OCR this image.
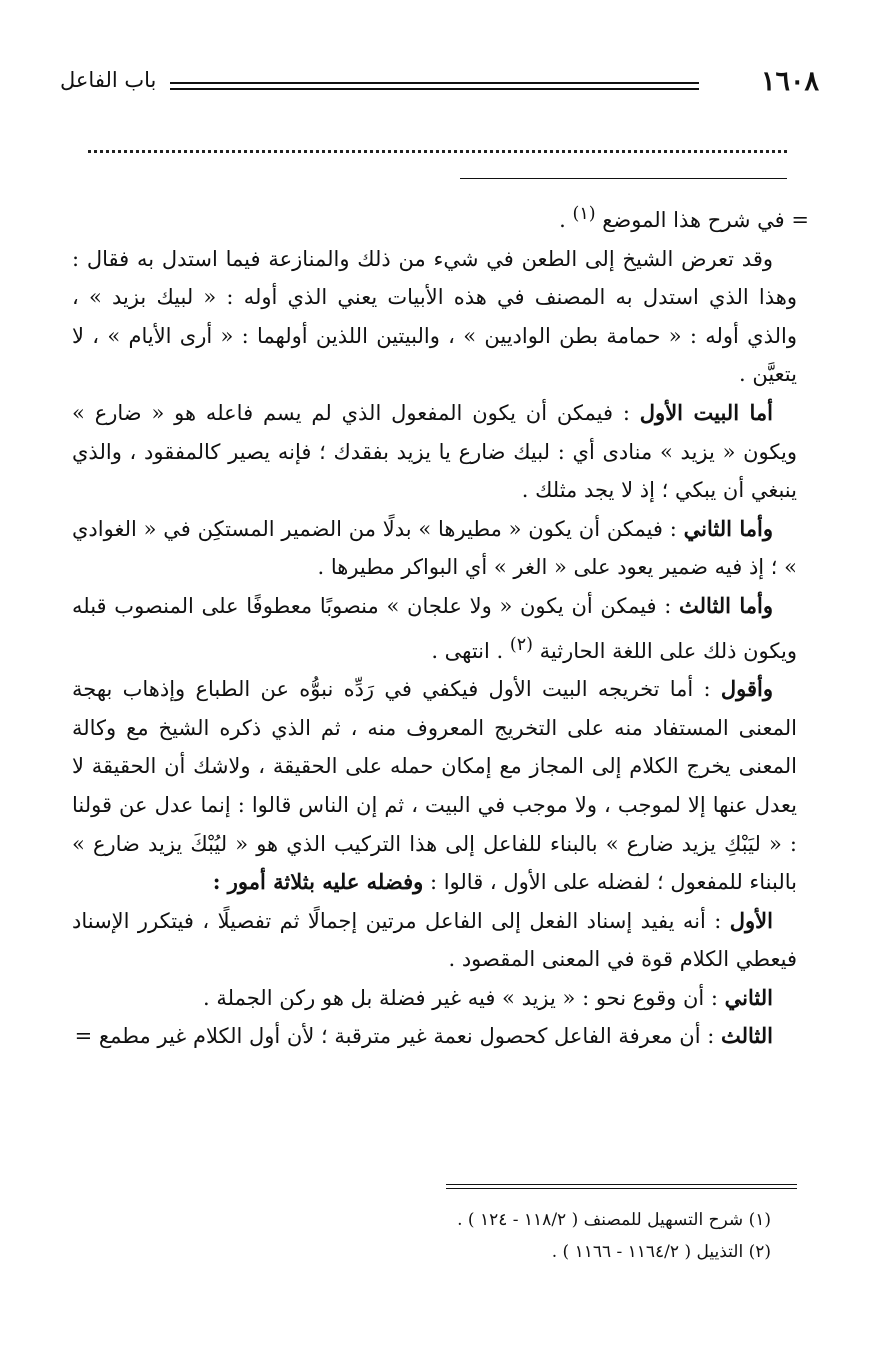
١٦٠٨
باب الفاعل

= في شرح هذا الموضع $^{(١)}$ .

وقد تعرض الشيخ إلى الطعن في شيء من ذلك والمنازعة فيما استدل به فقال : وهذا الذي استدل به المصنف في هذه الأبيات يعني الذي أوله : « لبيك بزيد » ، والذي أوله : « حمامة بطن الواديين » ، والبيتين اللذين أولهما : « أرى الأيام » ، لا يتعيَّن .

أما البيت الأول : فيمكن أن يكون المفعول الذي لم يسم فاعله هو « ضارع » ويكون « يزيد » منادى أي : لبيك ضارع يا يزيد بفقدك ؛ فإنه يصير كالمفقود ، والذي ينبغي أن يبكي ؛ إذ لا يجد مثلك .

وأما الثاني : فيمكن أن يكون « مطيرها » بدلًا من الضمير المستكِن في « الغوادي » ؛ إذ فيه ضمير يعود على « الغر » أي البواكر مطيرها .

وأما الثالث : فيمكن أن يكون « ولا علجان » منصوبًا معطوفًا على المنصوب قبله ويكون ذلك على اللغة الحارثية $^{(٢)}$ . انتهى .

وأقول : أما تخريجه البيت الأول فيكفي في رَدِّه نبوُّه عن الطباع وإذهاب بهجة المعنى المستفاد منه على التخريج المعروف منه ، ثم الذي ذكره الشيخ مع وكالة المعنى يخرج الكلام إلى المجاز مع إمكان حمله على الحقيقة ، ولاشك أن الحقيقة لا يعدل عنها إلا لموجب ، ولا موجب في البيت ، ثم إن الناس قالوا : إنما عدل عن قولنا : « ليَبْكِ يزيد ضارع » بالبناء للفاعل إلى هذا التركيب الذي هو « ليُبْكَ يزيد ضارع » بالبناء للمفعول ؛ لفضله على الأول ، قالوا : وفضله عليه بثلاثة أمور :

الأول : أنه يفيد إسناد الفعل إلى الفاعل مرتين إجمالًا ثم تفصيلًا ، فيتكرر الإسناد فيعطي الكلام قوة في المعنى المقصود .

الثاني : أن وقوع نحو : « يزيد » فيه غير فضلة بل هو ركن الجملة .

الثالث : أن معرفة الفاعل كحصول نعمة غير مترقبة ؛ لأن أول الكلام غير مطمع =

(١) شرح التسهيل للمصنف ( ١١٨/٢ - ١٢٤ ) .

(٢) التذييل ( ١١٦٤/٢ - ١١٦٦ ) .
